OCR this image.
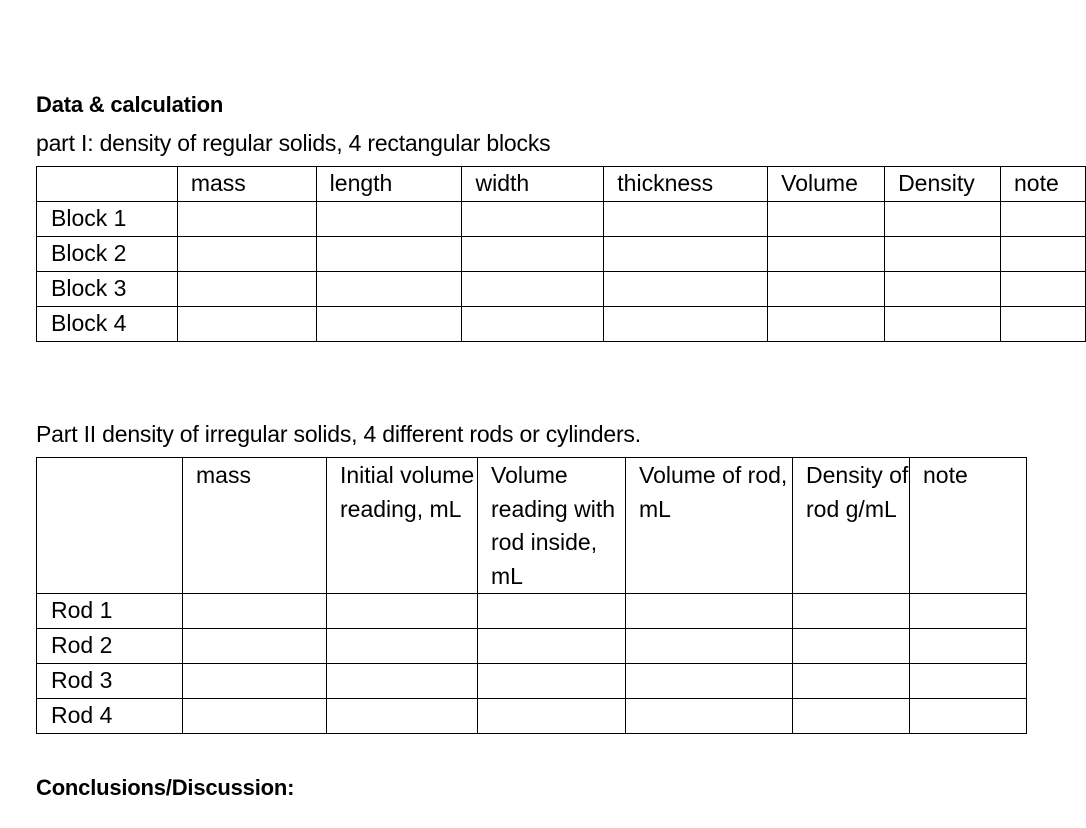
Data & calculation
part I: density of regular solids, 4 rectangular blocks
	mass	length	width	thickness	Volume	Density	note
Block 1							
Block 2							
Block 3							
Block 4							
Part II density of irregular solids, 4 different rods or cylinders.
	mass	Initial volume reading, mL	Volume reading with rod inside, mL	Volume of rod, mL	Density of rod g/mL	note
Rod 1						
Rod 2						
Rod 3						
Rod 4						
Conclusions/Discussion:
